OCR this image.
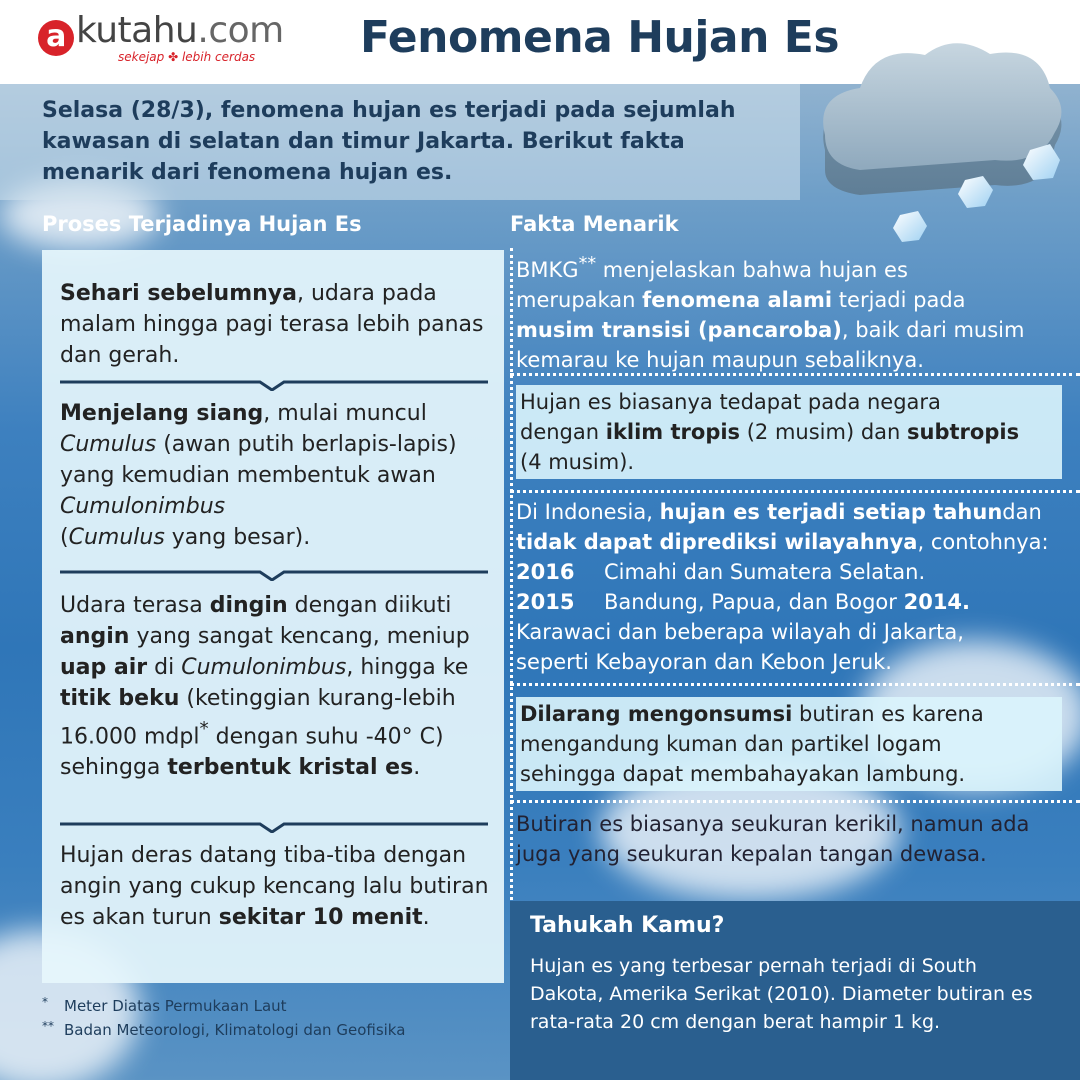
a kutahu.com
sekejap ✤ lebih cerdas Fenomena Hujan Es
Selasa (28/3), fenomena hujan es terjadi pada sejumlah kawasan di selatan dan timur Jakarta. Berikut fakta menarik dari fenomena hujan es.
Proses Terjadinya Hujan Es	Fakta Menarik
Sehari sebelumnya, udara pada malam hingga pagi terasa lebih panas dan gerah.
Menjelang siang, mulai muncul Cumulus (awan putih berlapis-lapis) yang kemudian membentuk awan Cumulonimbus
(Cumulus yang besar).
Udara terasa dingin dengan diikuti angin yang sangat kencang, meniup uap air di Cumulonimbus, hingga ke titik beku (ketinggian kurang-lebih 16.000 mdpl* dengan suhu -40° C) sehingga terbentuk kristal es.
Hujan deras datang tiba-tiba dengan angin yang cukup kencang lalu butiran es akan turun sekitar 10 menit.
*	Meter Diatas Permukaan Laut
** Badan Meteorologi, Klimatologi dan Geofisika
BMKG** menjelaskan bahwa hujan es
merupakan fenomena alami terjadi pada
musim transisi (pancaroba), baik dari musim
kemarau ke hujan maupun sebaliknya.
Hujan es biasanya tedapat pada negara
dengan iklim tropis (2 musim) dan subtropis
(4 musim).
Di Indonesia, hujan es terjadi setiap tahundan
tidak dapat diprediksi wilayahnya, contohnya:
2016 Cimahi dan Sumatera Selatan.
2015 Bandung, Papua, dan Bogor 2014.
Karawaci dan beberapa wilayah di Jakarta,
seperti Kebayoran dan Kebon Jeruk.
Dilarang mengonsumsi butiran es karena
mengandung kuman dan partikel logam
sehingga dapat membahayakan lambung.
Butiran es biasanya seukuran kerikil, namun ada
juga yang seukuran kepalan tangan dewasa.
Tahukah Kamu?
Hujan es yang terbesar pernah terjadi di South Dakota, Amerika Serikat (2010). Diameter butiran es rata-rata 20 cm dengan berat hampir 1 kg.
